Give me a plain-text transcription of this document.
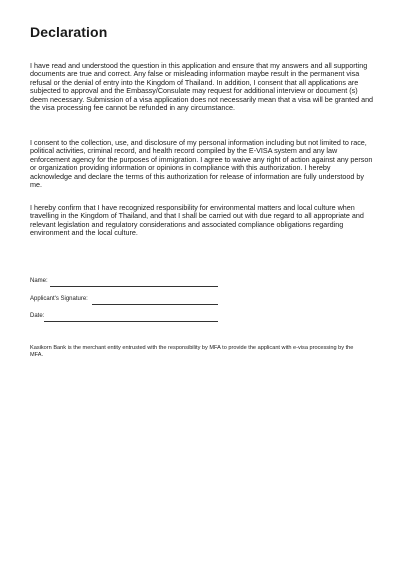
Declaration

I have read and understood the question in this application and ensure that my answers and all supporting documents are true and correct. Any false or misleading information maybe result in the permanent visa refusal or the denial of entry into the Kingdom of Thailand. In addition, I consent that all applications are subjected to approval and the Embassy/Consulate may request for additional interview or document (s) deem necessary. Submission of a visa application does not necessarily mean that a visa will be granted and the visa processing fee cannot be refunded in any circumstance.

I consent to the collection, use, and disclosure of my personal information including but not limited to race, political activities, criminal record, and health record compiled by the E-VISA system and any law enforcement agency for the purposes of immigration. I agree to waive any right of action against any person or organization providing information or opinions in compliance with this authorization. I hereby acknowledge and declare the terms of this authorization for release of information are fully understood by me.

I hereby confirm that I have recognized responsibility for environmental matters and local culture when travelling in the Kingdom of Thailand, and that I shall be carried out with due regard to all appropriate and relevant legislation and regulatory considerations and associated compliance obligations regarding environment and the local culture.

Name:
Applicant's Signature:
Date:

Kasikorn Bank is the merchant entity entrusted with the responsibility by MFA to provide the applicant with e-visa processing by the MFA.
